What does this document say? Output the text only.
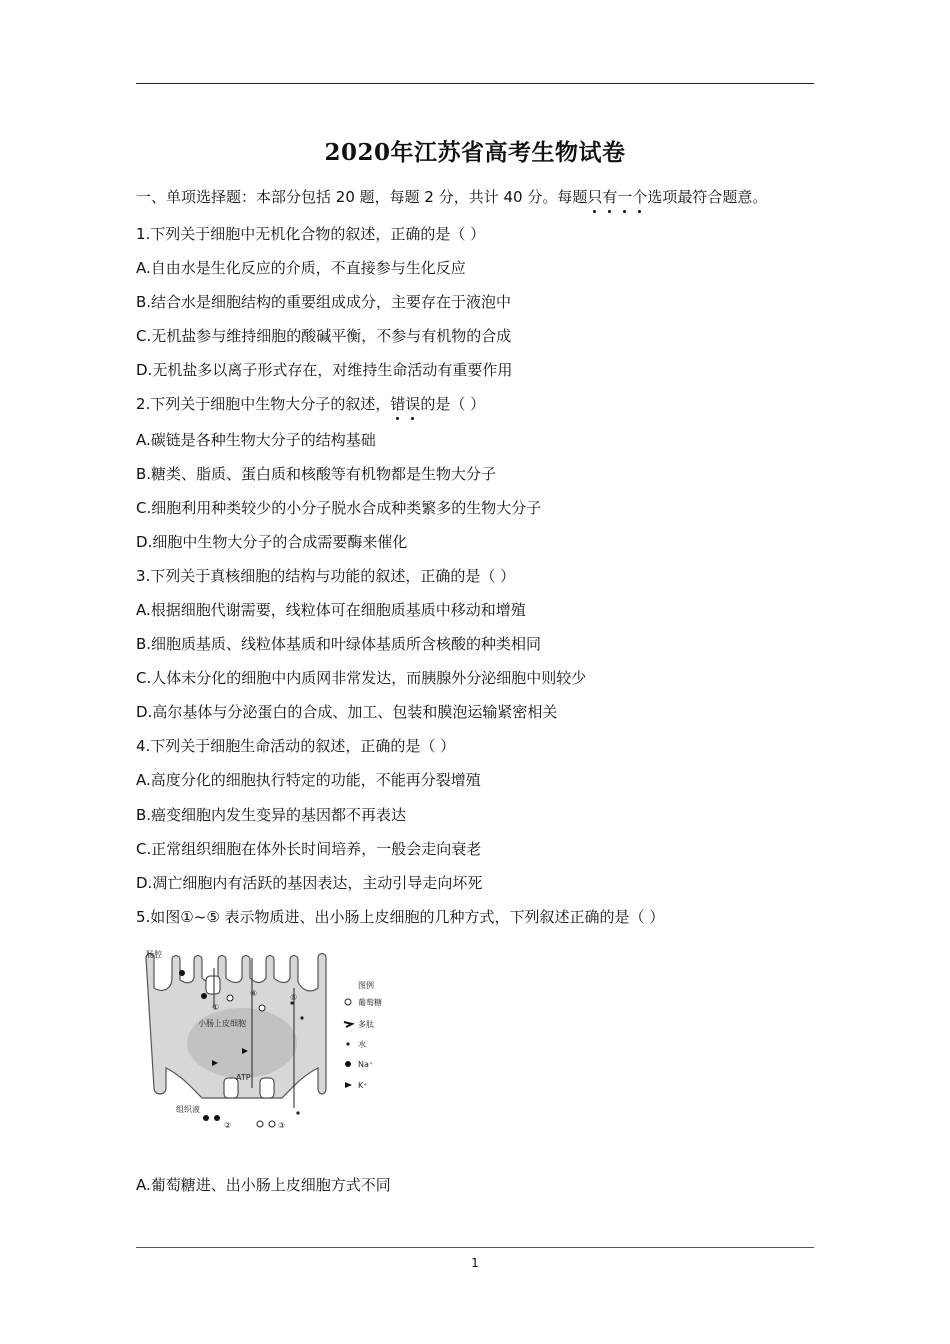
2020年江苏省高考生物试卷
一、单项选择题：本部分包括 20 题，每题 2 分，共计 40 分。每题只有一个选项最符合题意。
1.下列关于细胞中无机化合物的叙述，正确的是（ ）
A.自由水是生化反应的介质，不直接参与生化反应
B.结合水是细胞结构的重要组成成分，主要存在于液泡中
C.无机盐参与维持细胞的酸碱平衡，不参与有机物的合成
D.无机盐多以离子形式存在，对维持生命活动有重要作用
2.下列关于细胞中生物大分子的叙述，错误的是（ ）
A.碳链是各种生物大分子的结构基础
B.糖类、脂质、蛋白质和核酸等有机物都是生物大分子
C.细胞利用种类较少的小分子脱水合成种类繁多的生物大分子
D.细胞中生物大分子的合成需要酶来催化
3.下列关于真核细胞的结构与功能的叙述，正确的是（ ）
A.根据细胞代谢需要，线粒体可在细胞质基质中移动和增殖
B.细胞质基质、线粒体基质和叶绿体基质所含核酸的种类相同
C.人体未分化的细胞中内质网非常发达，而胰腺外分泌细胞中则较少
D.高尔基体与分泌蛋白的合成、加工、包装和膜泡运输紧密相关
4.下列关于细胞生命活动的叙述，正确的是（ ）
A.高度分化的细胞执行特定的功能，不能再分裂增殖
B.癌变细胞内发生变异的基因都不再表达
C.正常组织细胞在体外长时间培养，一般会走向衰老
D.凋亡细胞内有活跃的基因表达，主动引导走向坏死
5.如图①~⑤ 表示物质进、出小肠上皮细胞的几种方式，下列叙述正确的是（ ）
肠腔
小肠上皮细胞
组织液
ATP
①
②	③
④	⑤
图例
葡萄糖
多肽
水
Na⁺
K⁺
A.葡萄糖进、出小肠上皮细胞方式不同
1
